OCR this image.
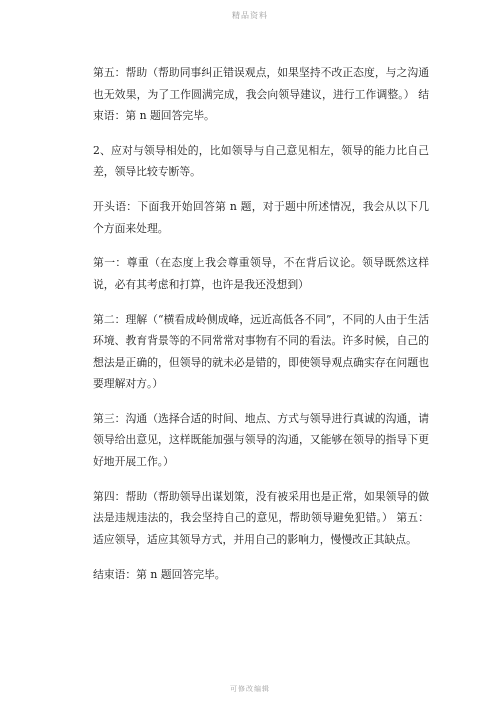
精品资料

第五：帮助（帮助同事纠正错误观点，如果坚持不改正态度，与之沟通也无效果，为了工作圆满完成，我会向领导建议，进行工作调整。） 结束语：第 n 题回答完毕。

2、应对与领导相处的，比如领导与自己意见相左，领导的能力比自己差，领导比较专断等。

开头语：下面我开始回答第 n 题，对于题中所述情况，我会从以下几个方面来处理。

第一：尊重（在态度上我会尊重领导，不在背后议论。领导既然这样说，必有其考虑和打算，也许是我还没想到）

第二：理解（“横看成岭侧成峰，远近高低各不同”，不同的人由于生活环境、教育背景等的不同常常对事物有不同的看法。许多时候，自己的想法是正确的，但领导的就未必是错的，即使领导观点确实存在问题也要理解对方。）

第三：沟通（选择合适的时间、地点、方式与领导进行真诚的沟通，请领导给出意见，这样既能加强与领导的沟通，又能够在领导的指导下更好地开展工作。）

第四：帮助（帮助领导出谋划策，没有被采用也是正常，如果领导的做法是违规违法的，我会坚持自己的意见，帮助领导避免犯错。） 第五：适应领导，适应其领导方式，并用自己的影响力，慢慢改正其缺点。

结束语：第 n 题回答完毕。

可修改编辑
